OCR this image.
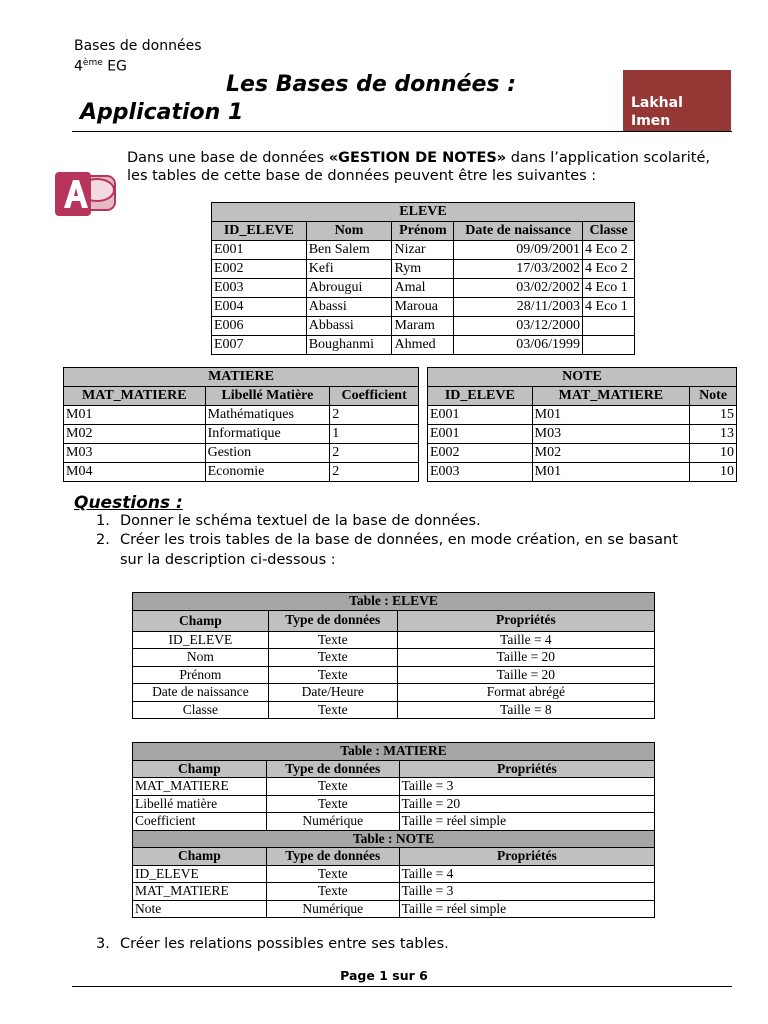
Bases de données
4ème EG
Les Bases de données :
Application 1	Lakhal
Imen
Dans une base de données «GESTION DE NOTES» dans l’application scolarité, les tables de cette base de données peuvent être les suivantes :
ELEVE				
ID_ELEVE	Nom	Prénom	Date de naissance	Classe
E001	Ben Salem	Nizar	09/09/2001	4 Eco 2
E002	Kefi	Rym	17/03/2002	4 Eco 2
E003	Abrougui	Amal	03/02/2002	4 Eco 1
E004	Abassi	Maroua	28/11/2003	4 Eco 1
E006	Abbassi	Maram	03/12/2000	
E007	Boughanmi	Ahmed	03/06/1999	
MATIERE		
MAT_MATIERE	Libellé Matière	Coefficient
M01	Mathématiques	2
M02	Informatique	1
M03	Gestion	2
M04	Economie	2
NOTE		
ID_ELEVE	MAT_MATIERE	Note
E001	M01	15
E001	M03	13
E002	M02	10
E003	M01	10
Questions :
1. Donner le schéma textuel de la base de données.
2. Créer les trois tables de la base de données, en mode création, en se basant
sur la description ci-dessous :
Table : ELEVE		
Champ	Type de données	Propriétés
ID_ELEVE	Texte	Taille = 4
Nom	Texte	Taille = 20
Prénom	Texte	Taille = 20
Date de naissance	Date/Heure	Format abrégé
Classe	Texte	Taille = 8
Table : MATIERE		
Champ	Type de données	Propriétés
MAT_MATIERE	Texte	Taille = 3
Libellé matière	Texte	Taille = 20
Coefficient	Numérique	Taille = réel simple
Table : NOTE		
Champ	Type de données	Propriétés
ID_ELEVE	Texte	Taille = 4
MAT_MATIERE	Texte	Taille = 3
Note	Numérique	Taille = réel simple
3. Créer les relations possibles entre ses tables.
Page 1 sur 6
